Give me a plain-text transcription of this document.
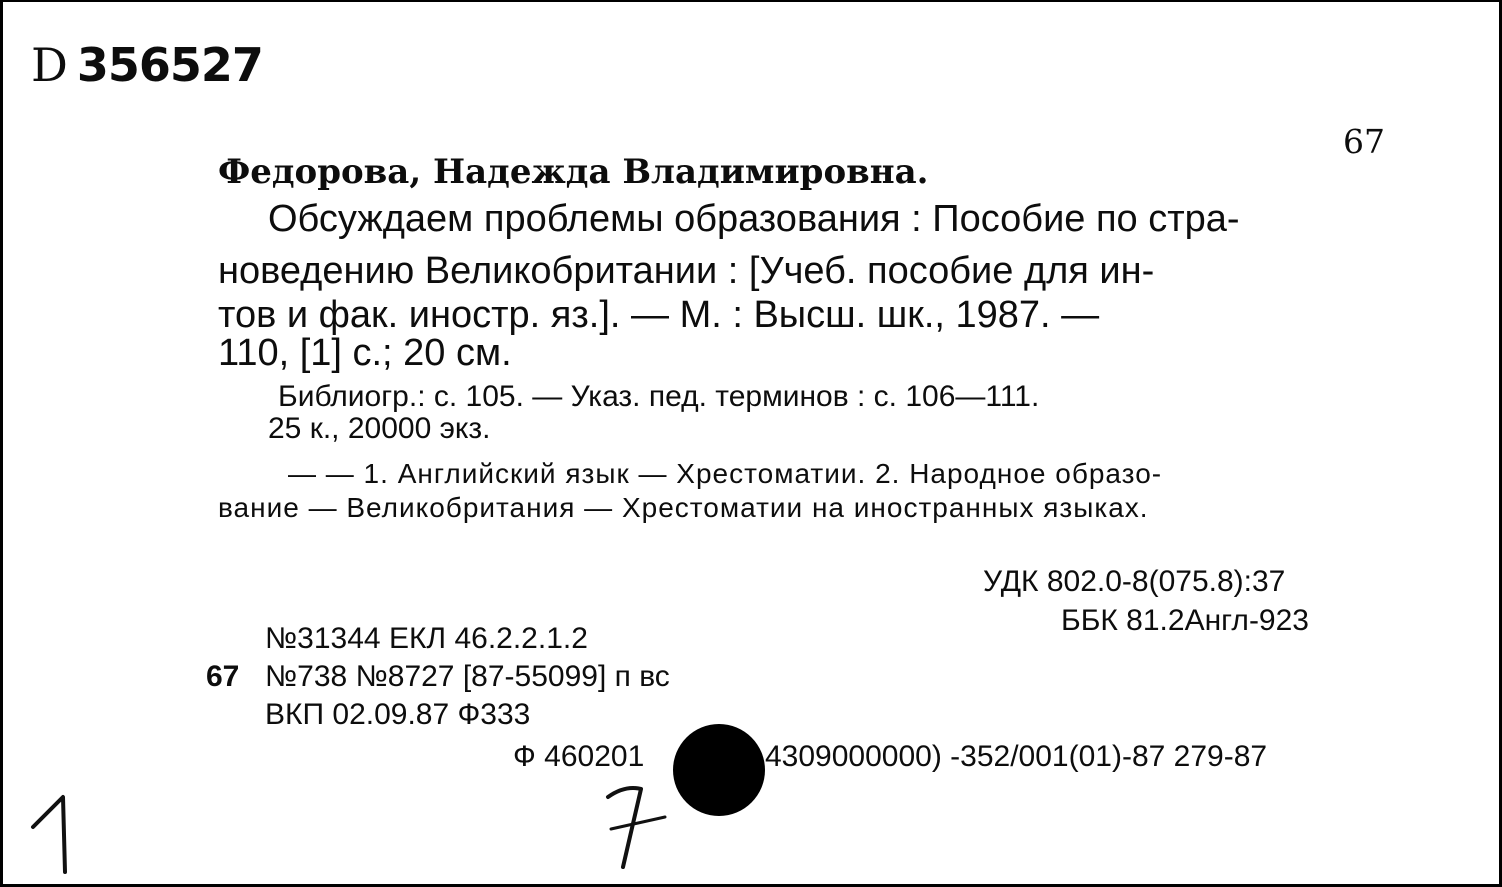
D 356527
67
Федорова, Надежда Владимировна.
Обсуждаем проблемы образования : Пособие по стра-
новедению Великобритании : [Учеб. пособие для ин-
тов и фак. иностр. яз.]. — М. : Высш. шк., 1987. —
110, [1] с.; 20 см.
Библиогр.: с. 105. — Указ. пед. терминов : с. 106—111.
25 к., 20000 экз.
— — 1. Английский язык — Хрестоматии. 2. Народное образо-
вание — Великобритания — Хрестоматии на иностранных языках.
УДК 802.0-8(075.8):37
ББК 81.2Англ-923
№31344 ЕКЛ 46.2.2.1.2
67 №738 №8727 [87-55099] п вс
ВКП 02.09.87 Ф333
Ф 460201	4309000000) -352/001(01)-87 279-87
